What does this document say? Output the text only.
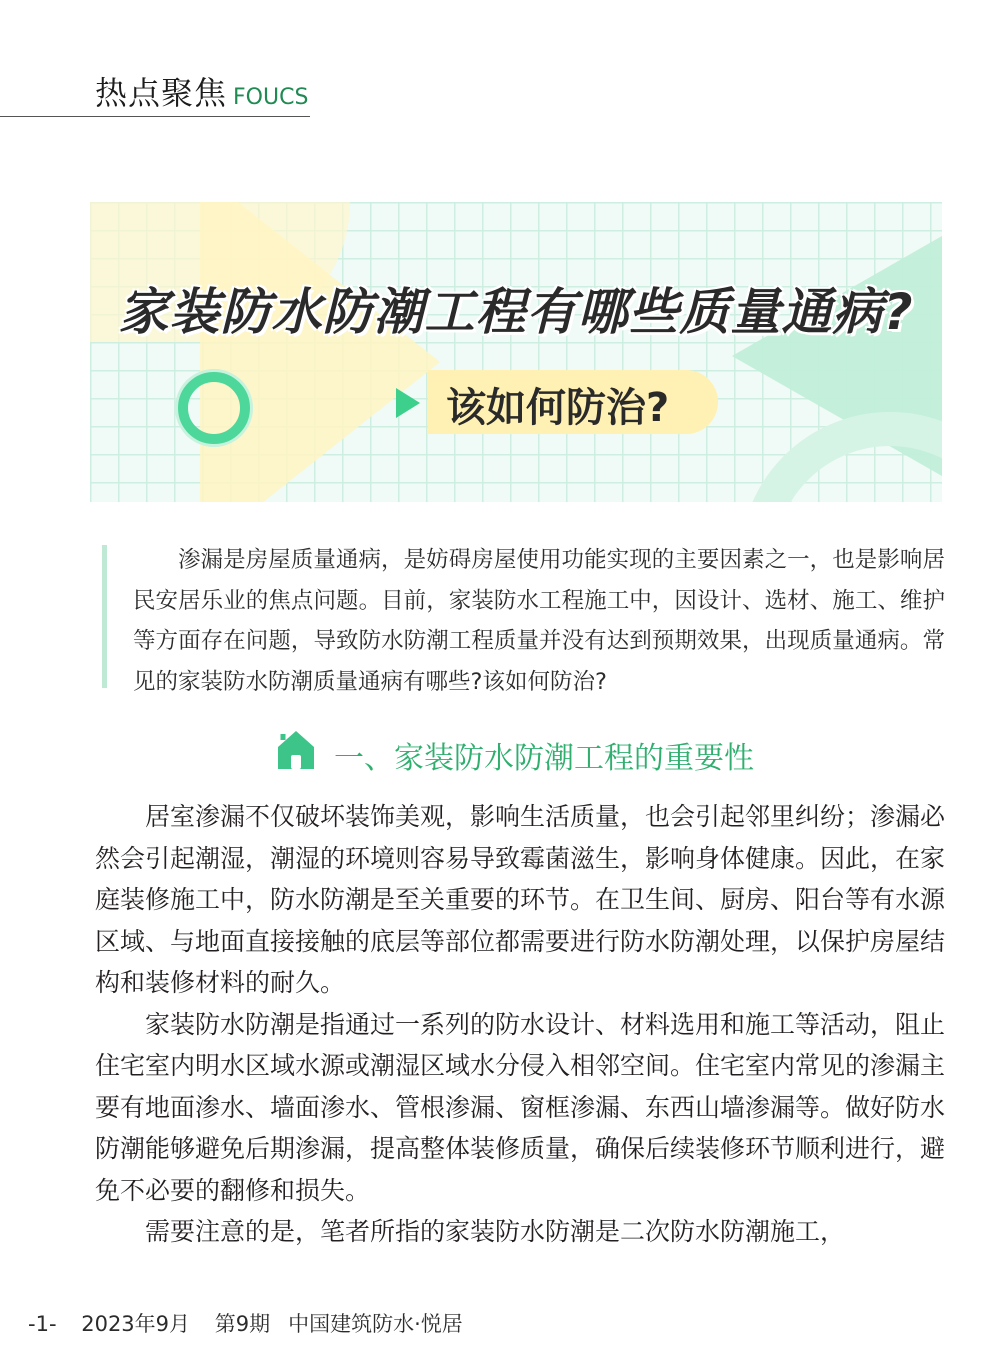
热点聚焦 FOUCS
家装防水防潮工程有哪些质量通病?
该如何防治?
渗漏是房屋质量通病，是妨碍房屋使用功能实现的主要因素之一，也是影响居民安居乐业的焦点问题。目前，家装防水工程施工中，因设计、选材、施工、维护等方面存在问题，导致防水防潮工程质量并没有达到预期效果，出现质量通病。常见的家装防水防潮质量通病有哪些?该如何防治?
一、家装防水防潮工程的重要性

居室渗漏不仅破坏装饰美观，影响生活质量，也会引起邻里纠纷；渗漏必然会引起潮湿，潮湿的环境则容易导致霉菌滋生，影响身体健康。因此，在家庭装修施工中，防水防潮是至关重要的环节。在卫生间、厨房、阳台等有水源区域、与地面直接接触的底层等部位都需要进行防水防潮处理，以保护房屋结构和装修材料的耐久。

家装防水防潮是指通过一系列的防水设计、材料选用和施工等活动，阻止住宅室内明水区域水源或潮湿区域水分侵入相邻空间。住宅室内常见的渗漏主要有地面渗水、墙面渗水、管根渗漏、窗框渗漏、东西山墙渗漏等。做好防水防潮能够避免后期渗漏，提高整体装修质量，确保后续装修环节顺利进行，避免不必要的翻修和损失。

需要注意的是，笔者所指的家装防水防潮是二次防水防潮施工，

-1- 2023年9月 第9期 中国建筑防水·悦居
